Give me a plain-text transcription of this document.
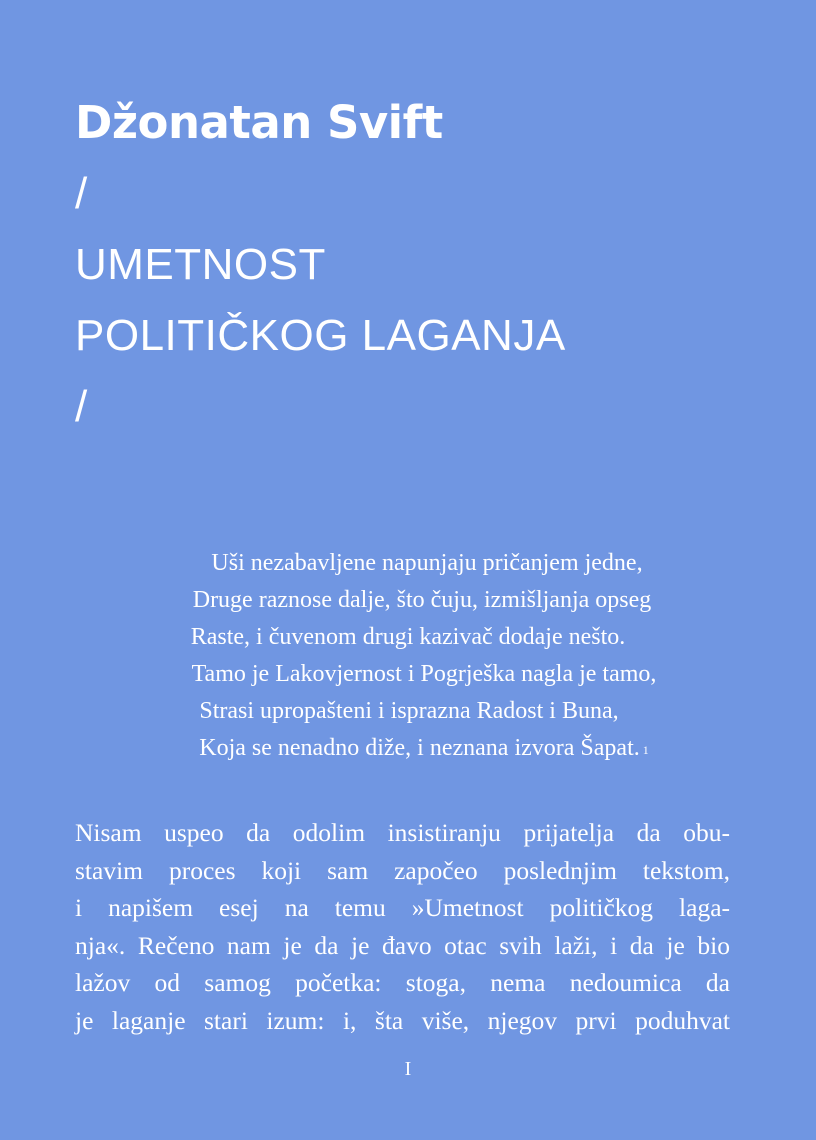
Džonatan Svift
/
UMETNOST
POLITIČKOG LAGANJA
/
Uši nezabavljene napunjaju pričanjem jedne,
Druge raznose dalje, što čuju, izmišljanja opseg
Raste, i čuvenom drugi kazivač dodaje nešto.
Tamo je Lakovjernost i Pogrješka nagla je tamo,
Strasi upropašteni i isprazna Radost i Buna,
Koja se nenadno diže, i neznana izvora Šapat. $^1$
Nisam uspeo da odolim insistiranju prijatelja da obu-
stavim proces koji sam započeo poslednjim tekstom,
i napišem esej na temu »Umetnost političkog laga-
nja«. Rečeno nam je da je đavo otac svih laži, i da je bio
lažov od samog početka: stoga, nema nedoumica da
je laganje stari izum: i, šta više, njegov prvi poduhvat
I
